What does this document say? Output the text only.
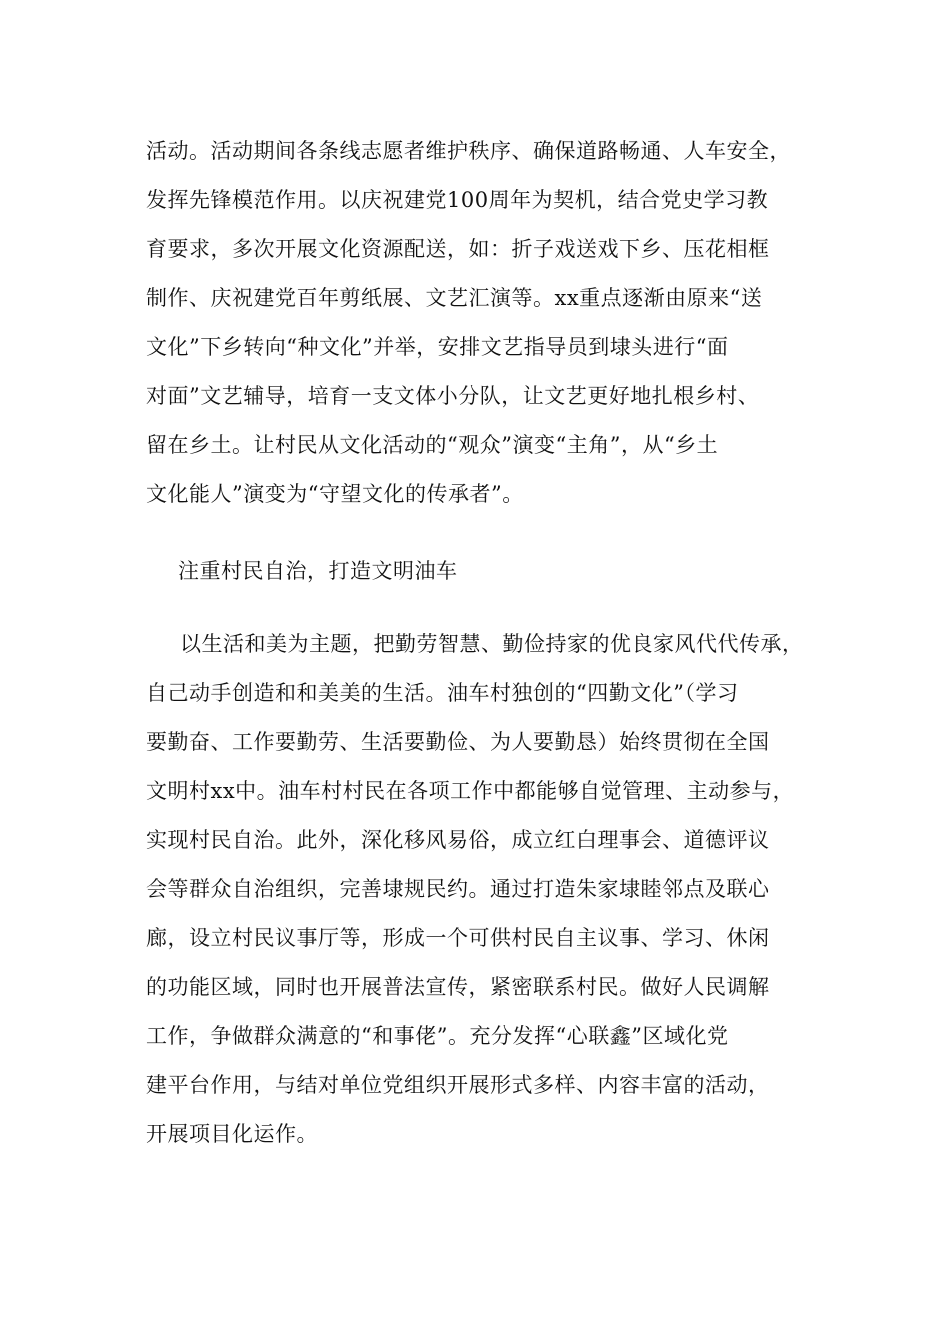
活动。活动期间各条线志愿者维护秩序、确保道路畅通、人车安全，
发挥先锋模范作用。以庆祝建党100周年为契机，结合党史学习教
育要求，多次开展文化资源配送，如：折子戏送戏下乡、压花相框
制作、庆祝建党百年剪纸展、文艺汇演等。xx重点逐渐由原来“送
文化”下乡转向“种文化”并举，安排文艺指导员到埭头进行“面
对面”文艺辅导，培育一支文体小分队，让文艺更好地扎根乡村、
留在乡土。让村民从文化活动的“观众”演变“主角”，从“乡土
文化能人”演变为“守望文化的传承者”。
注重村民自治，打造文明油车
以生活和美为主题，把勤劳智慧、勤俭持家的优良家风代代传承，
自己动手创造和和美美的生活。油车村独创的“四勤文化”（学习
要勤奋、工作要勤劳、生活要勤俭、为人要勤恳）始终贯彻在全国
文明村xx中。油车村村民在各项工作中都能够自觉管理、主动参与，
实现村民自治。此外，深化移风易俗，成立红白理事会、道德评议
会等群众自治组织，完善埭规民约。通过打造朱家埭睦邻点及联心
廊，设立村民议事厅等，形成一个可供村民自主议事、学习、休闲
的功能区域，同时也开展普法宣传，紧密联系村民。做好人民调解
工作，争做群众满意的“和事佬”。充分发挥“心联鑫”区域化党
建平台作用，与结对单位党组织开展形式多样、内容丰富的活动，
开展项目化运作。
